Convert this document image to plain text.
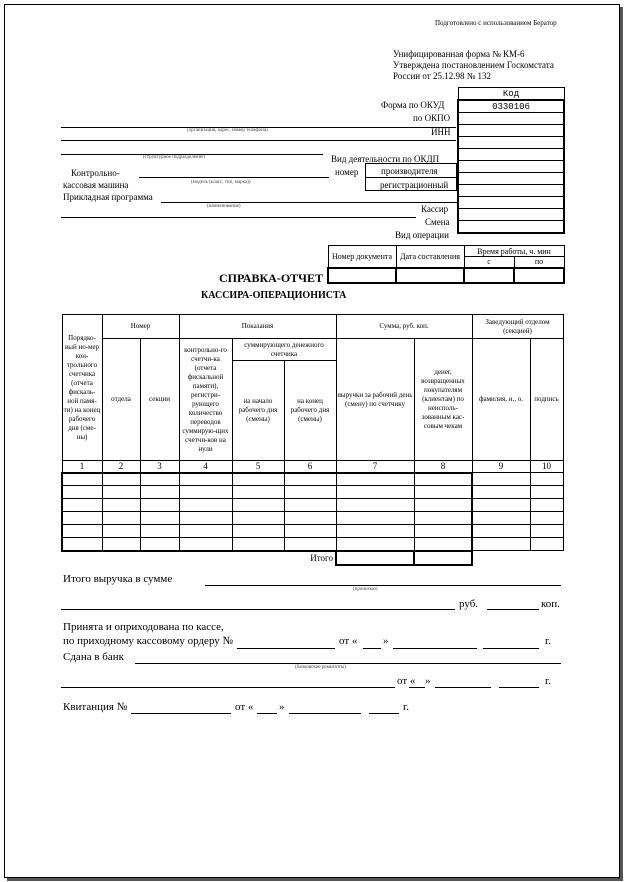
Подготовлено с использованием Бератор
Унифицированная форма № КМ-6
Утверждена постановлением Госкомстата
России от 25.12.98 № 132
Код
0330106

Форма по ОКУД
по ОКПО
ИНН
Вид деятельности по ОКДП
номер	производителя
регистрационный
Кассир
Смена
Вид операции
(организация, адрес, номер телефона)
(структурное подразделение)
Контрольно-
кассовая машина	(модель (класс, тип, марка))
Прикладная программа
(наименование)
Номер документа	Дата составления	Время работы, ч. мин	
		с	по

СПРАВКА-ОТЧЕТ
КАССИРА-ОПЕРАЦИОНИСТА
Порядко-вый но-мер кон-трольного счетчика (отчета фискаль-ной памя-ти) на конец рабочего дня (сме-ны)	Номер		Показания			Сумма, руб. коп.		Заведующий отделом (секцией)	
	отдела	секции	контрольно-го счетчи-ка (отчета фискальной памяти), регистри-рующего количество переводов суммирую-щих счетчи-ков на нули	суммирующего денежного счетчика		выручки за рабочий день (смену) по счетчику	денег, возвращенных покупателям (клиентам) по неисполь-зованным кас-совым чекам	фамилия, и., о.	подпись
				на начало рабочего дня (смены)	на конец рабочего дня (смены)				
1	2	3	4	5	6	7	8	9	10

Итого									
Итого выручка в сумме
(прописью)
руб.	коп.
Принята и оприходована по кассе,
по приходному кассовому ордеру №	от « »	г.
Сдана в банк
(банковские реквизиты)
от « »	г.
Квитанция №	от « »	г.
